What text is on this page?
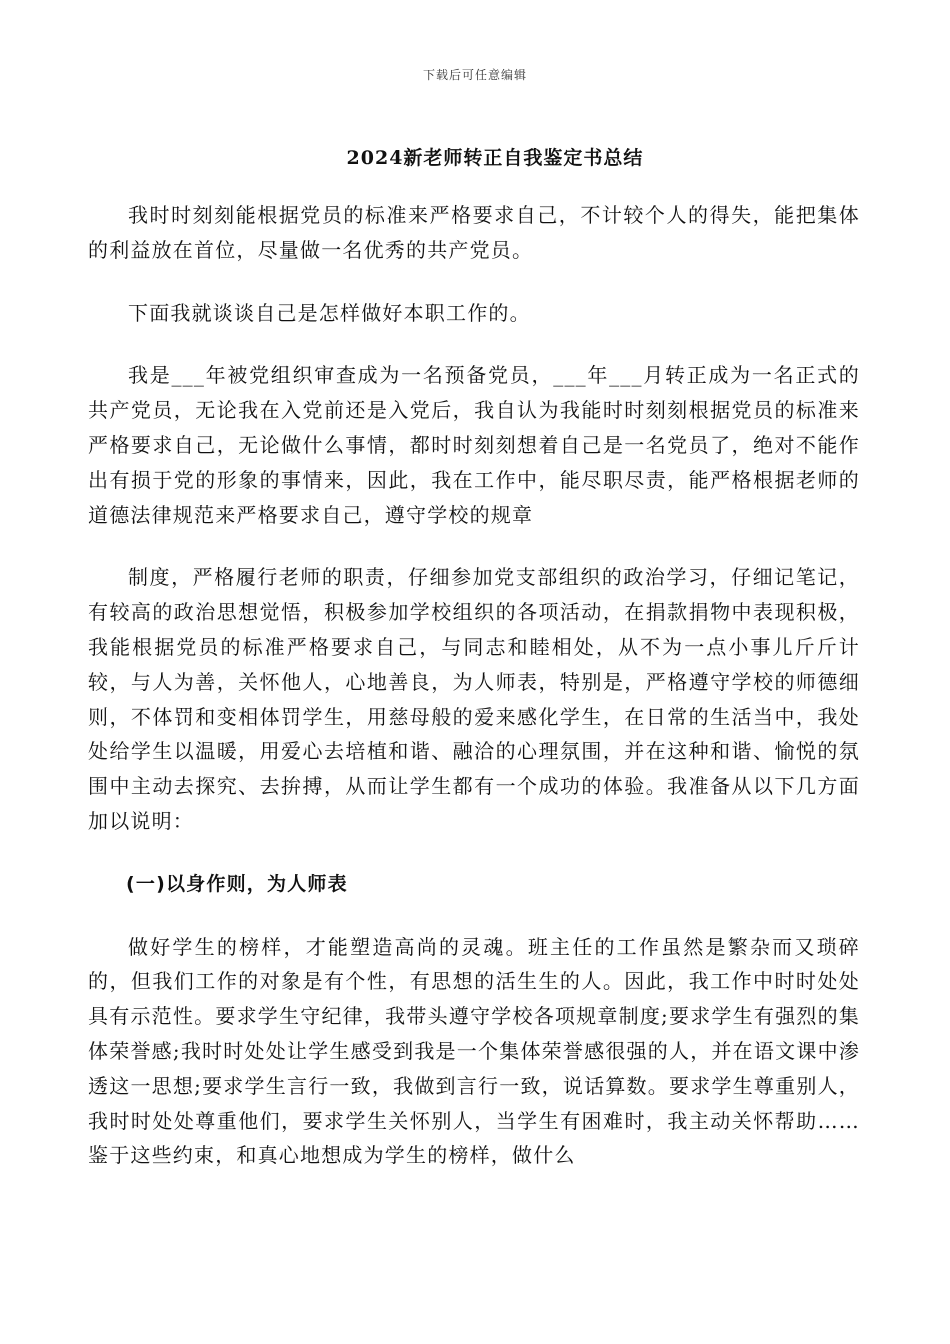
下载后可任意编辑
2024新老师转正自我鉴定书总结

我时时刻刻能根据党员的标准来严格要求自己，不计较个人的得失，能把集体的利益放在首位，尽量做一名优秀的共产党员。

下面我就谈谈自己是怎样做好本职工作的。

我是___年被党组织审查成为一名预备党员，___年___月转正成为一名正式的共产党员，无论我在入党前还是入党后，我自认为我能时时刻刻根据党员的标准来严格要求自己，无论做什么事情，都时时刻刻想着自己是一名党员了，绝对不能作出有损于党的形象的事情来，因此，我在工作中，能尽职尽责，能严格根据老师的道德法律规范来严格要求自己，遵守学校的规章

制度，严格履行老师的职责，仔细参加党支部组织的政治学习，仔细记笔记，有较高的政治思想觉悟，积极参加学校组织的各项活动，在捐款捐物中表现积极，我能根据党员的标准严格要求自己，与同志和睦相处，从不为一点小事儿斤斤计较，与人为善，关怀他人，心地善良，为人师表，特别是，严格遵守学校的师德细则，不体罚和变相体罚学生，用慈母般的爱来感化学生，在日常的生活当中，我处处给学生以温暖，用爱心去培植和谐、融洽的心理氛围，并在这种和谐、愉悦的氛围中主动去探究、去拚搏，从而让学生都有一个成功的体验。我准备从以下几方面加以说明：

(一)以身作则，为人师表

做好学生的榜样，才能塑造高尚的灵魂。班主任的工作虽然是繁杂而又琐碎的，但我们工作的对象是有个性，有思想的活生生的人。因此，我工作中时时处处具有示范性。要求学生守纪律，我带头遵守学校各项规章制度;要求学生有强烈的集体荣誉感;我时时处处让学生感受到我是一个集体荣誉感很强的人，并在语文课中渗透这一思想;要求学生言行一致，我做到言行一致，说话算数。要求学生尊重别人，我时时处处尊重他们，要求学生关怀别人，当学生有困难时，我主动关怀帮助……鉴于这些约束，和真心地想成为学生的榜样，做什么
